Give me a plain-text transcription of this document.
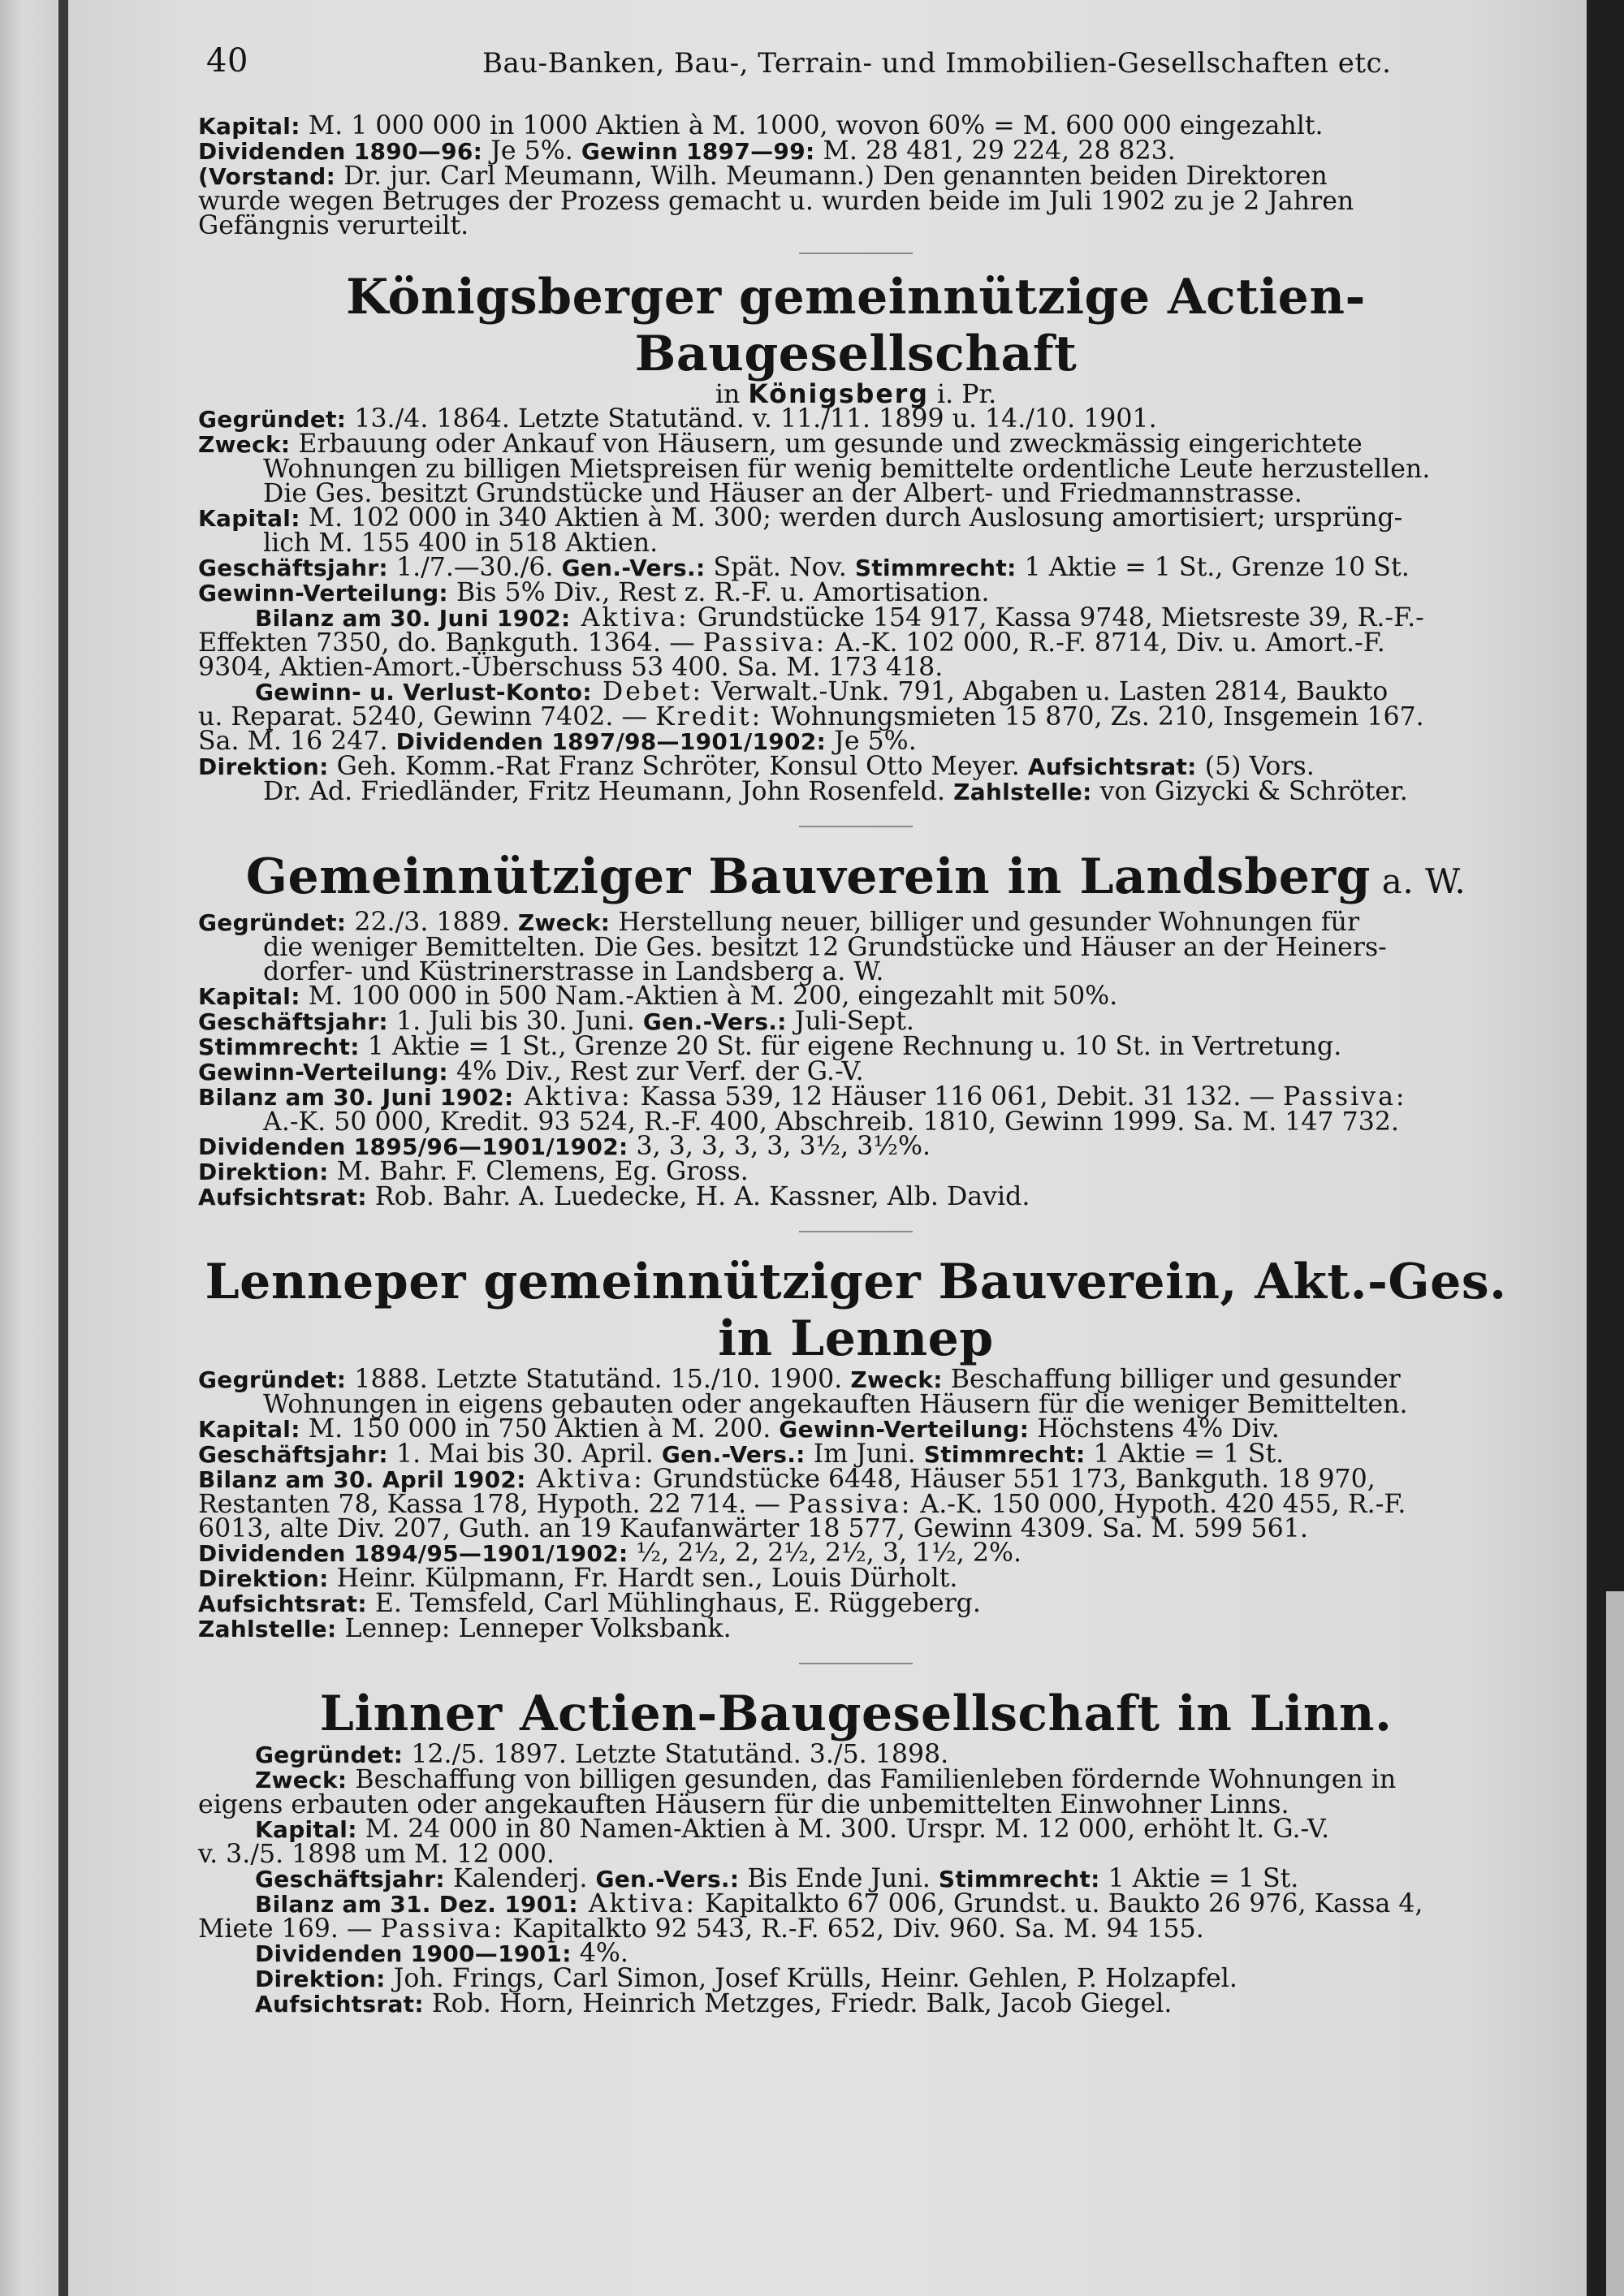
40	Bau-Banken, Bau-, Terrain- und Immobilien-Gesellschaften etc.

Kapital: M. 1 000 000 in 1000 Aktien à M. 1000, wovon 60% = M. 600 000 eingezahlt.

Dividenden 1890—96: Je 5%. Gewinn 1897—99: M. 28 481, 29 224, 28 823.

(Vorstand: Dr. jur. Carl Meumann, Wilh. Meumann.) Den genannten beiden Direktoren

wurde wegen Betruges der Prozess gemacht u. wurden beide im Juli 1902 zu je 2 Jahren

Gefängnis verurteilt.

Königsberger gemeinnützige Actien-Baugesellschaft

in Königsberg i. Pr.

Gegründet: 13./4. 1864. Letzte Statutänd. v. 11./11. 1899 u. 14./10. 1901.

Zweck: Erbauung oder Ankauf von Häusern, um gesunde und zweckmässig eingerichtete

Wohnungen zu billigen Mietspreisen für wenig bemittelte ordentliche Leute herzustellen.

Die Ges. besitzt Grundstücke und Häuser an der Albert- und Friedmannstrasse.

Kapital: M. 102 000 in 340 Aktien à M. 300; werden durch Auslosung amortisiert; ursprüng-

lich M. 155 400 in 518 Aktien.

Geschäftsjahr: 1./7.—30./6. Gen.-Vers.: Spät. Nov. Stimmrecht: 1 Aktie = 1 St., Grenze 10 St.

Gewinn-Verteilung: Bis 5% Div., Rest z. R.-F. u. Amortisation.

Bilanz am 30. Juni 1902: Aktiva: Grundstücke 154 917, Kassa 9748, Mietsreste 39, R.-F.-

Effekten 7350, do. Bankguth. 1364. — Passiva: A.-K. 102 000, R.-F. 8714, Div. u. Amort.-F.

9304, Aktien-Amort.-Überschuss 53 400. Sa. M. 173 418.

Gewinn- u. Verlust-Konto: Debet: Verwalt.-Unk. 791, Abgaben u. Lasten 2814, Baukto

u. Reparat. 5240, Gewinn 7402. — Kredit: Wohnungsmieten 15 870, Zs. 210, Insgemein 167.

Sa. M. 16 247. Dividenden 1897/98—1901/1902: Je 5%.

Direktion: Geh. Komm.-Rat Franz Schröter, Konsul Otto Meyer. Aufsichtsrat: (5) Vors.

Dr. Ad. Friedländer, Fritz Heumann, John Rosenfeld. Zahlstelle: von Gizycki & Schröter.

Gemeinnütziger Bauverein in Landsberg a. W.

Gegründet: 22./3. 1889. Zweck: Herstellung neuer, billiger und gesunder Wohnungen für

die weniger Bemittelten. Die Ges. besitzt 12 Grundstücke und Häuser an der Heiners-

dorfer- und Küstrinerstrasse in Landsberg a. W.

Kapital: M. 100 000 in 500 Nam.-Aktien à M. 200, eingezahlt mit 50%.

Geschäftsjahr: 1. Juli bis 30. Juni. Gen.-Vers.: Juli-Sept.

Stimmrecht: 1 Aktie = 1 St., Grenze 20 St. für eigene Rechnung u. 10 St. in Vertretung.

Gewinn-Verteilung: 4% Div., Rest zur Verf. der G.-V.

Bilanz am 30. Juni 1902: Aktiva: Kassa 539, 12 Häuser 116 061, Debit. 31 132. — Passiva:

A.-K. 50 000, Kredit. 93 524, R.-F. 400, Abschreib. 1810, Gewinn 1999. Sa. M. 147 732.

Dividenden 1895/96—1901/1902: 3, 3, 3, 3, 3, 3½, 3½%.

Direktion: M. Bahr. F. Clemens, Eg. Gross.

Aufsichtsrat: Rob. Bahr. A. Luedecke, H. A. Kassner, Alb. David.

Lenneper gemeinnütziger Bauverein, Akt.-Ges. in Lennep

Gegründet: 1888. Letzte Statutänd. 15./10. 1900. Zweck: Beschaffung billiger und gesunder

Wohnungen in eigens gebauten oder angekauften Häusern für die weniger Bemittelten.

Kapital: M. 150 000 in 750 Aktien à M. 200. Gewinn-Verteilung: Höchstens 4% Div.

Geschäftsjahr: 1. Mai bis 30. April. Gen.-Vers.: Im Juni. Stimmrecht: 1 Aktie = 1 St.

Bilanz am 30. April 1902: Aktiva: Grundstücke 6448, Häuser 551 173, Bankguth. 18 970,

Restanten 78, Kassa 178, Hypoth. 22 714. — Passiva: A.-K. 150 000, Hypoth. 420 455, R.-F.

6013, alte Div. 207, Guth. an 19 Kaufanwärter 18 577, Gewinn 4309. Sa. M. 599 561.

Dividenden 1894/95—1901/1902: ½, 2½, 2, 2½, 2½, 3, 1½, 2%.

Direktion: Heinr. Külpmann, Fr. Hardt sen., Louis Dürholt.

Aufsichtsrat: E. Temsfeld, Carl Mühlinghaus, E. Rüggeberg.

Zahlstelle: Lennep: Lenneper Volksbank.

Linner Actien-Baugesellschaft in Linn.

Gegründet: 12./5. 1897. Letzte Statutänd. 3./5. 1898.

Zweck: Beschaffung von billigen gesunden, das Familienleben fördernde Wohnungen in

eigens erbauten oder angekauften Häusern für die unbemittelten Einwohner Linns.

Kapital: M. 24 000 in 80 Namen-Aktien à M. 300. Urspr. M. 12 000, erhöht lt. G.-V.

v. 3./5. 1898 um M. 12 000.

Geschäftsjahr: Kalenderj. Gen.-Vers.: Bis Ende Juni. Stimmrecht: 1 Aktie = 1 St.

Bilanz am 31. Dez. 1901: Aktiva: Kapitalkto 67 006, Grundst. u. Baukto 26 976, Kassa 4,

Miete 169. — Passiva: Kapitalkto 92 543, R.-F. 652, Div. 960. Sa. M. 94 155.

Dividenden 1900—1901: 4%.

Direktion: Joh. Frings, Carl Simon, Josef Krülls, Heinr. Gehlen, P. Holzapfel.

Aufsichtsrat: Rob. Horn, Heinrich Metzges, Friedr. Balk, Jacob Giegel.
